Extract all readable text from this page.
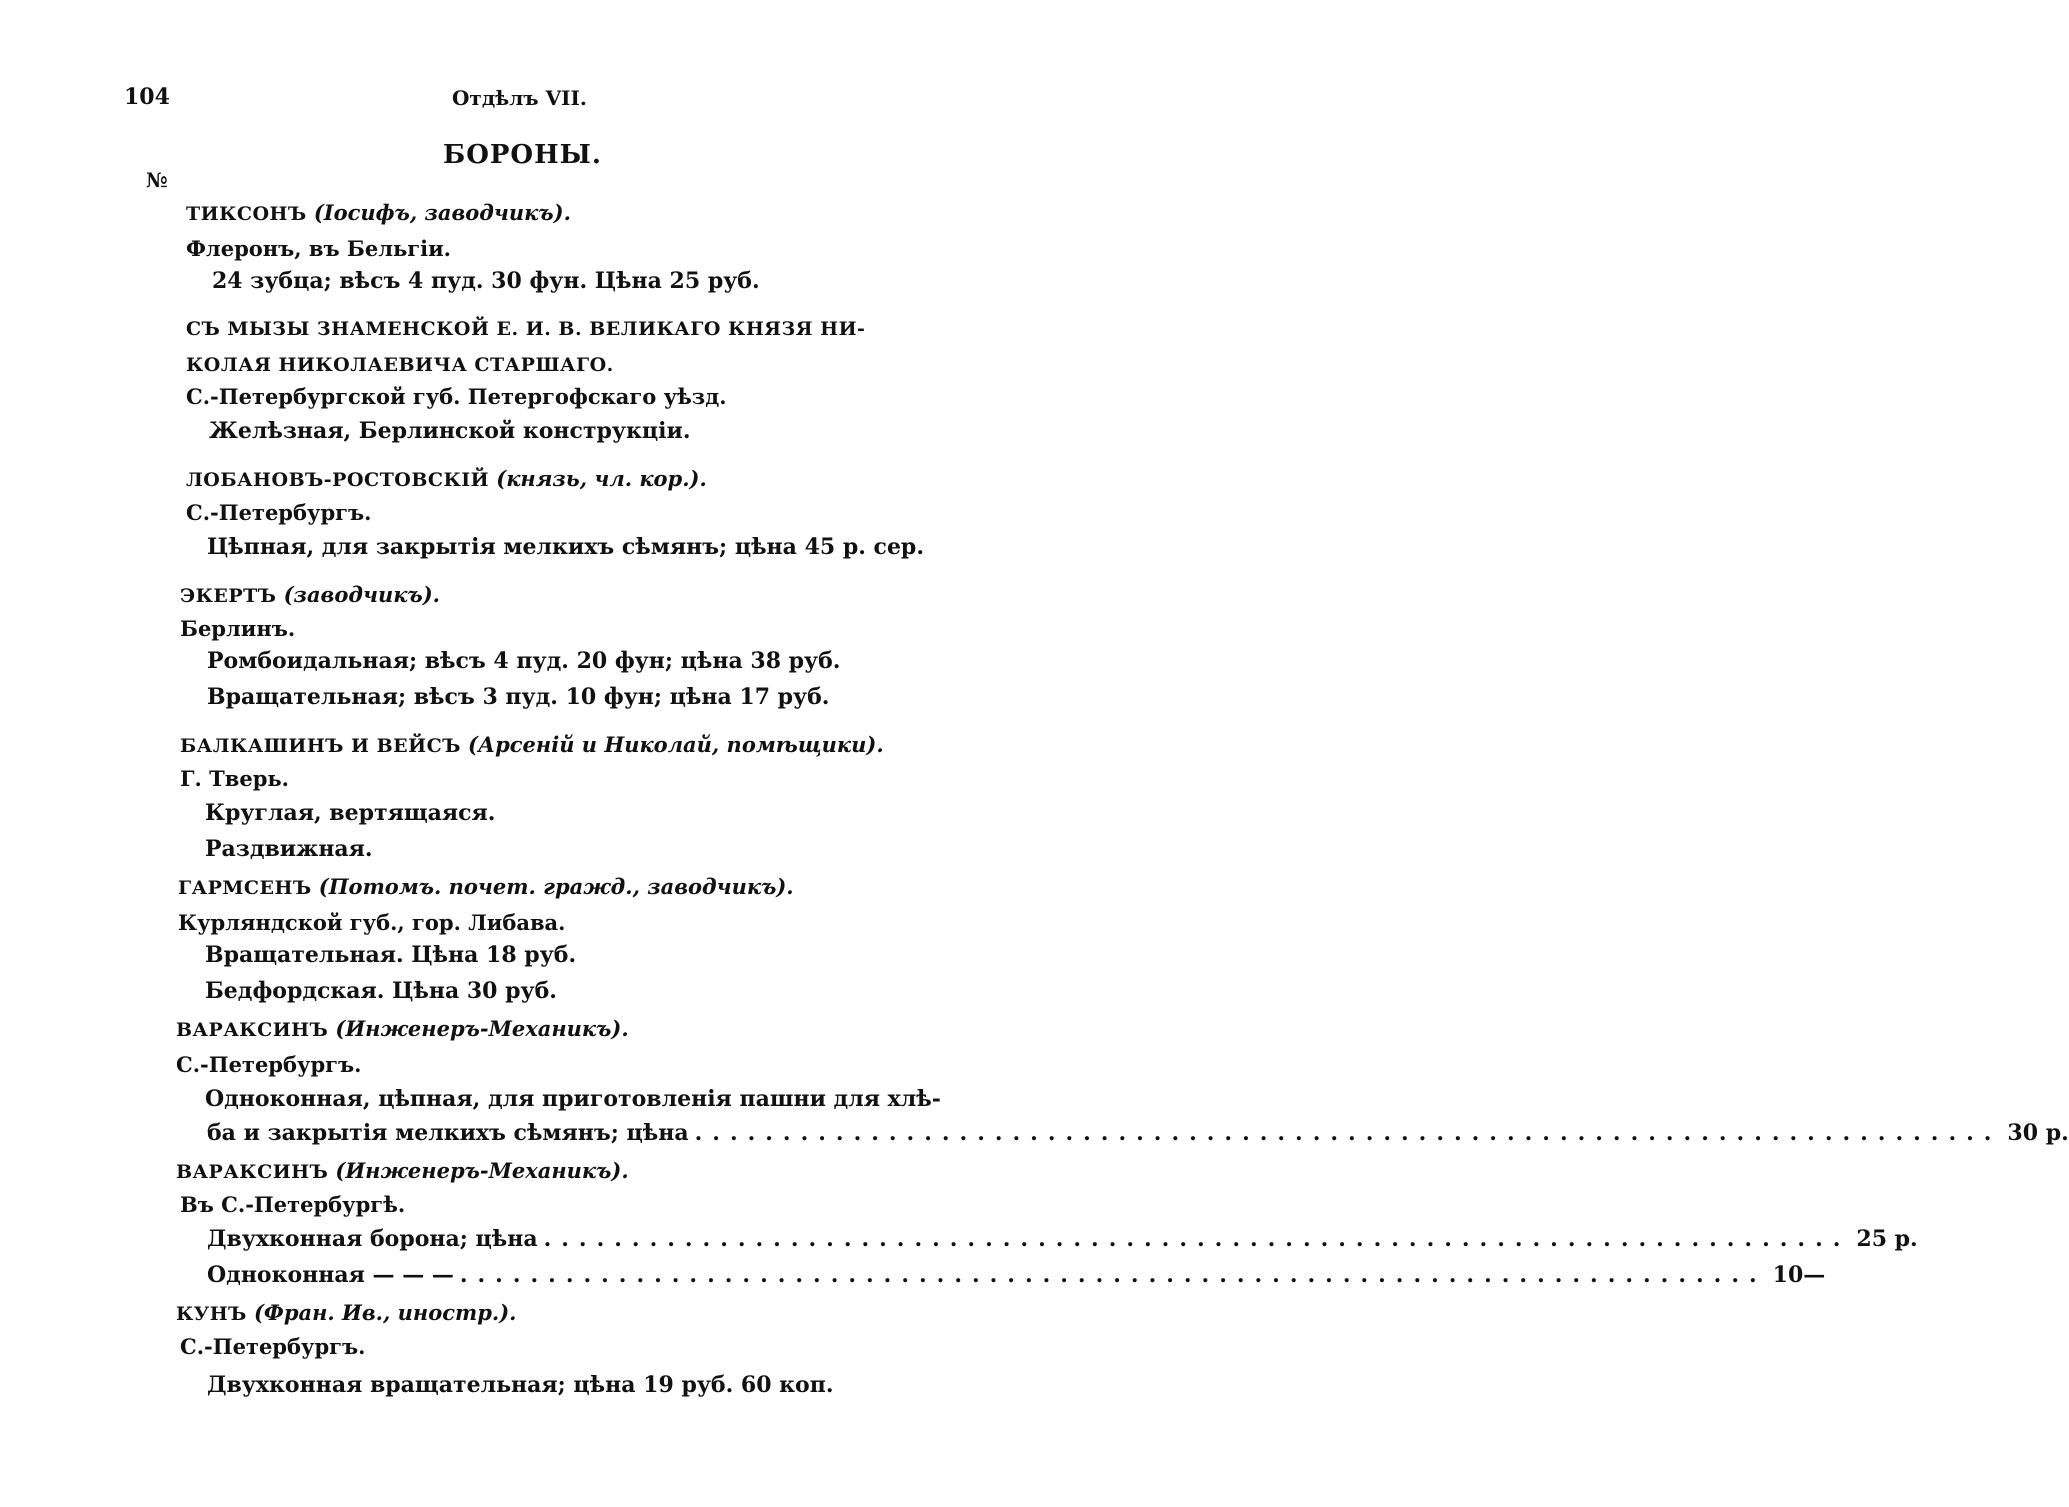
104	Отдѣлъ VII.
БОРОНЫ.
№
ТИКСОНЪ (Іосифъ, заводчикъ).
Флеронъ, въ Бельгіи.
24 зубца; вѣсъ 4 пуд. 30 фун. Цѣна 25 руб.
СЪ МЫЗЫ ЗНАМЕНСКОЙ Е. И. В. ВЕЛИКАГО КНЯЗЯ НИ-
КОЛАЯ НИКОЛАЕВИЧА СТАРШАГО.
С.-Петербургской губ. Петергофскаго уѣзд.
Желѣзная, Берлинской конструкціи.
ЛОБАНОВЪ-РОСТОВСКІЙ (князь, чл. кор.).
С.-Петербургъ.
Цѣпная, для закрытія мелкихъ сѣмянъ; цѣна 45 р. сер.
ЭКЕРТЪ (заводчикъ).
Берлинъ.
Ромбоидальная; вѣсъ 4 пуд. 20 фун; цѣна 38 руб.
Вращательная; вѣсъ 3 пуд. 10 фун; цѣна 17 руб.
БАЛКАШИНЪ И ВЕЙСЪ (Арсеній и Николай, помѣщики).
Г. Тверь.
Круглая, вертящаяся.
Раздвижная.
ГАРМСЕНЪ (Потомъ. почет. гражд., заводчикъ).
Курляндской губ., гор. Либава.
Вращательная. Цѣна 18 руб.
Бедфордская. Цѣна 30 руб.
ВАРАКСИНЪ (Инженеръ-Механикъ).
С.-Петербургъ.
Одноконная, цѣпная, для приготовленія пашни для хлѣ-
ба и закрытія мелкихъ сѣмянъ; цѣна .......................................................................... 30 р.
ВАРАКСИНЪ (Инженеръ-Механикъ).
Въ С.-Петербургѣ.
Двухконная борона; цѣна .......................................................................... 25 р.
Одноконная — — — .......................................................................... 10—
КУНЪ (Фран. Ив., иностр.).
С.-Петербургъ.
Двухконная вращательная; цѣна 19 руб. 60 коп.
